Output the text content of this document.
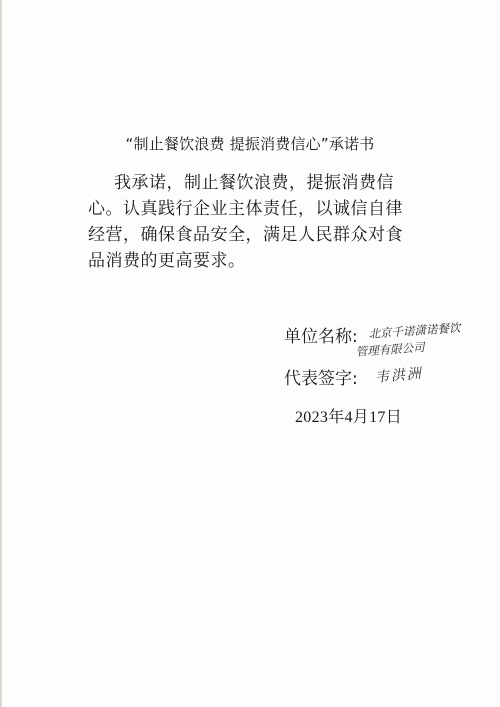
“制止餐饮浪费 提振消费信心”承诺书
我承诺，制止餐饮浪费，提振消费信心。认真践行企业主体责任，以诚信自律经营，确保食品安全，满足人民群众对食品消费的更高要求。
单位名称: 北京千诺潇诺餐饮
管理有限公司
代表签字: 韦洪洲
2023年4月17日
